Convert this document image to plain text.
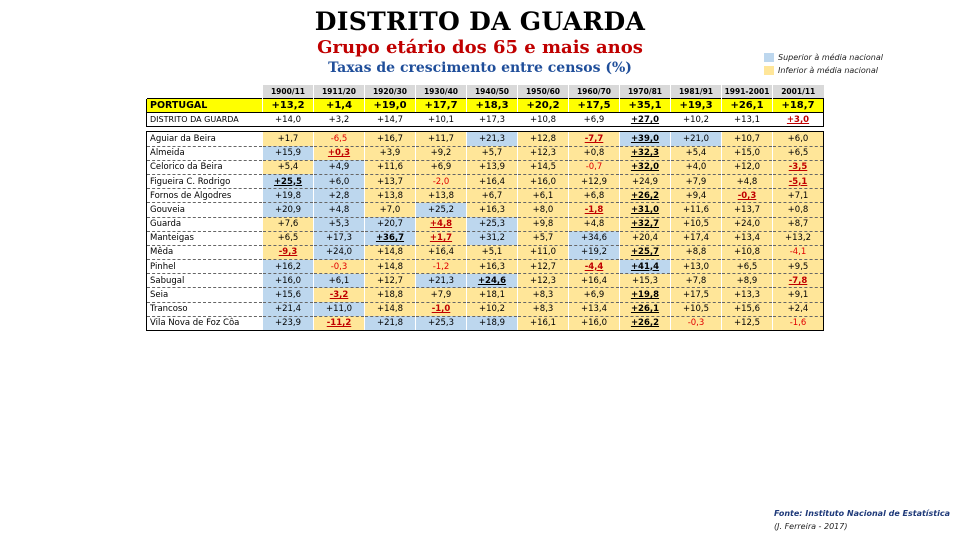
DISTRITO DA GUARDA
Grupo etário dos 65 e mais anos
Taxas de crescimento entre censos (%)
Superior à média nacional
Inferior à média nacional
	1900/11	1911/20	1920/30	1930/40	1940/50	1950/60	1960/70	1970/81	1981/91	1991-2001	2001/11
PORTUGAL	+13,2	+1,4	+19,0	+17,7	+18,3	+20,2	+17,5	+35,1	+19,3	+26,1	+18,7
DISTRITO DA GUARDA	+14,0	+3,2	+14,7	+10,1	+17,3	+10,8	+6,9	+27,0	+10,2	+13,1	+3,0

Aguiar da Beira	+1,7	-6,5	+16,7	+11,7	+21,3	+12,8	-7,7	+39,0	+21,0	+10,7	+6,0
Almeida	+15,9	+0,3	+3,9	+9,2	+5,7	+12,3	+0,8	+32,3	+5,4	+15,0	+6,5
Celorico da Beira	+5,4	+4,9	+11,6	+6,9	+13,9	+14,5	-0,7	+32,0	+4,0	+12,0	-3,5
Figueira C. Rodrigo	+25,5	+6,0	+13,7	-2,0	+16,4	+16,0	+12,9	+24,9	+7,9	+4,8	-5,1
Fornos de Algodres	+19,8	+2,8	+13,8	+13,8	+6,7	+6,1	+6,8	+26,2	+9,4	-0,3	+7,1
Gouveia	+20,9	+4,8	+7,0	+25,2	+16,3	+8,0	-1,8	+31,0	+11,6	+13,7	+0,8
Guarda	+7,6	+5,3	+20,7	+4,8	+25,3	+9,8	+4,8	+32,7	+10,5	+24,0	+8,7
Manteigas	+6,5	+17,3	+36,7	+1,7	+31,2	+5,7	+34,6	+20,4	+17,4	+13,4	+13,2
Mêda	-9,3	+24,0	+14,8	+16,4	+5,1	+11,0	+19,2	+25,7	+8,8	+10,8	-4,1
Pinhel	+16,2	-0,3	+14,8	-1,2	+16,3	+12,7	-4,4	+41,4	+13,0	+6,5	+9,5
Sabugal	+16,0	+6,1	+12,7	+21,3	+24,6	+12,3	+16,4	+15,3	+7,8	+8,9	-7,8
Seia	+15,6	-3,2	+18,8	+7,9	+18,1	+8,3	+6,9	+19,8	+17,5	+13,3	+9,1
Trancoso	+21,4	+11,0	+14,8	-1,0	+10,2	+8,3	+13,4	+26,1	+10,5	+15,6	+2,4
Vila Nova de Foz Côa	+23,9	-11,2	+21,8	+25,3	+18,9	+16,1	+16,0	+26,2	-0,3	+12,5	-1,6
Fonte: Instituto Nacional de Estatística
(J. Ferreira - 2017)
